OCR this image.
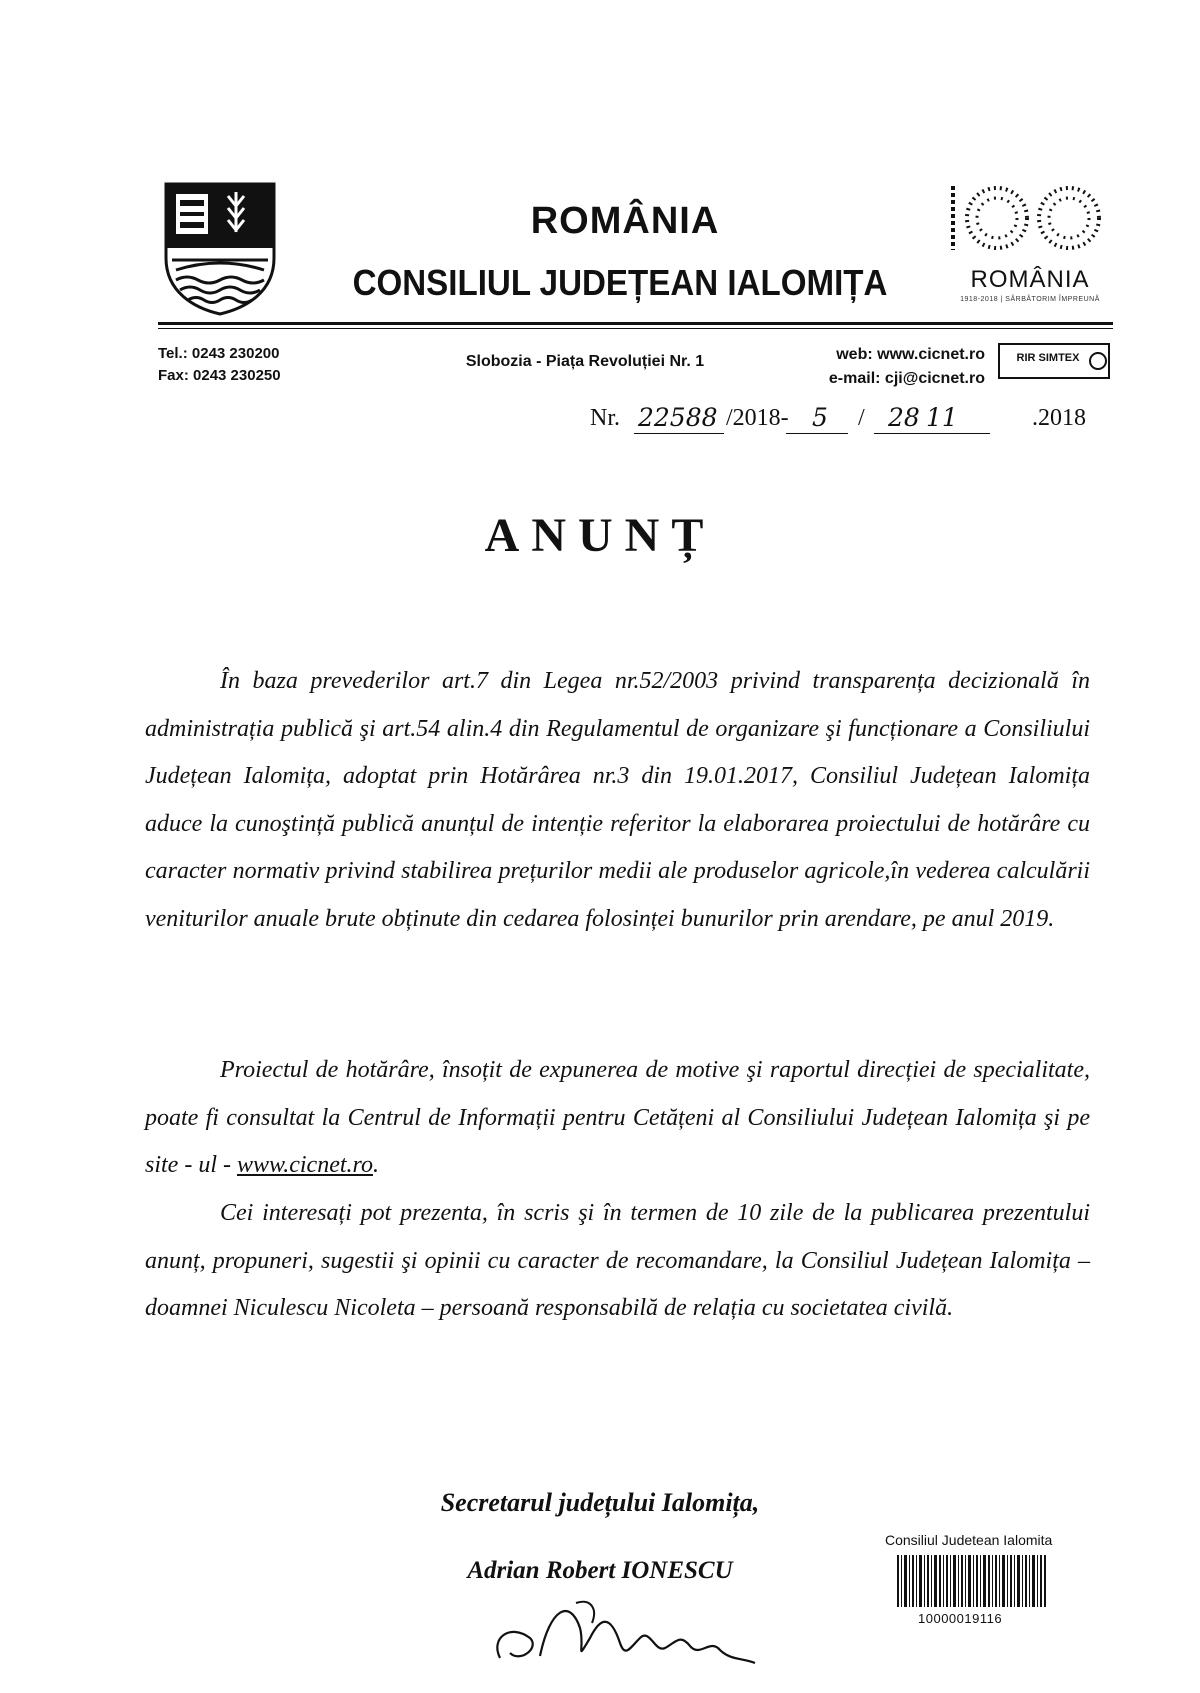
ROMÂNIA
CONSILIUL JUDEȚEAN IALOMIȚA	ROMÂNIA
1918-2018 | SĂRBĂTORIM ÎMPREUNĂ
Tel.: 0243 230200
Fax: 0243 230250
Slobozia - Piața Revoluției Nr. 1	web: www.cicnet.ro
e-mail: cji@cicnet.ro
RIR SIMTEX
Nr. 22588 /2018- 5 / 28 11	.2018
ANUNȚ

În baza prevederilor art.7 din Legea nr.52/2003 privind transparența decizională în administrația publică şi art.54 alin.4 din Regulamentul de organizare şi funcționare a Consiliului Județean Ialomița, adoptat prin Hotărârea nr.3 din 19.01.2017, Consiliul Județean Ialomița aduce la cunoştință publică anunțul de intenție referitor la elaborarea proiectului de hotărâre cu caracter normativ privind stabilirea prețurilor medii ale produselor agricole,în vederea calculării veniturilor anuale brute obținute din cedarea folosinței bunurilor prin arendare, pe anul 2019.

Proiectul de hotărâre, însoțit de expunerea de motive şi raportul direcției de specialitate, poate fi consultat la Centrul de Informații pentru Cetățeni al Consiliului Județean Ialomița şi pe site - ul - www.cicnet.ro.

Cei interesați pot prezenta, în scris şi în termen de 10 zile de la publicarea prezentului anunț, propuneri, sugestii şi opinii cu caracter de recomandare, la Consiliul Județean Ialomița – doamnei Niculescu Nicoleta – persoană responsabilă de relația cu societatea civilă.

Secretarul județului Ialomița,
Adrian Robert IONESCU
Consiliul Judetean Ialomita
10000019116
